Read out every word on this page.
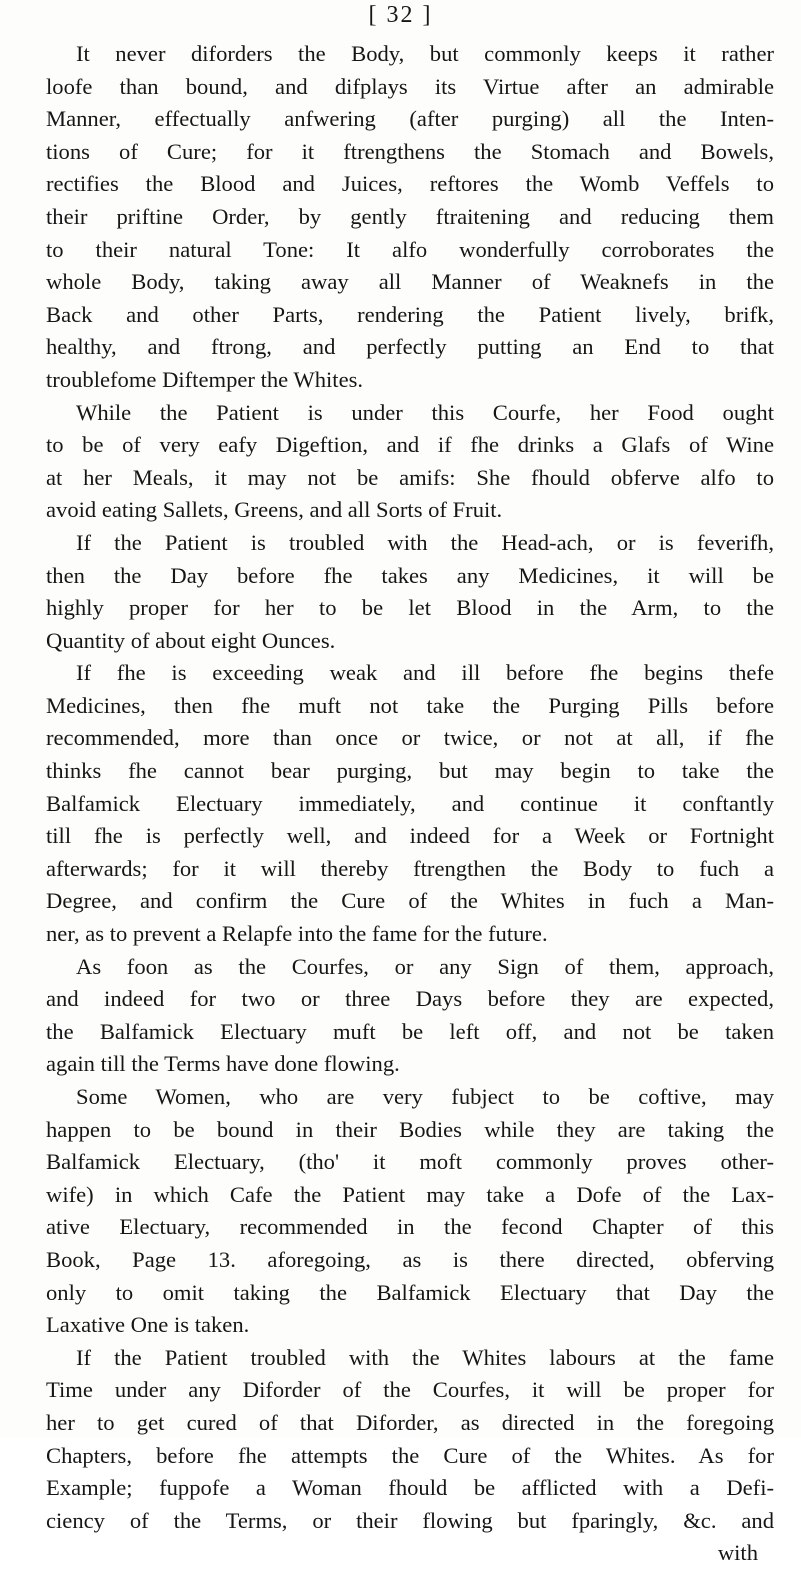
[ 32 ]
It never diforders the Body, but commonly keeps it rather
loofe than bound, and difplays its Virtue after an admirable
Manner, effectually anfwering (after purging) all the Inten-
tions of Cure; for it ftrengthens the Stomach and Bowels,
rectifies the Blood and Juices, reftores the Womb Veffels to
their priftine Order, by gently ftraitening and reducing them
to their natural Tone: It alfo wonderfully corroborates the
whole Body, taking away all Manner of Weaknefs in the
Back and other Parts, rendering the Patient lively, brifk,
healthy, and ftrong, and perfectly putting an End to that
troublefome Diftemper the Whites.
While the Patient is under this Courfe, her Food ought
to be of very eafy Digeftion, and if fhe drinks a Glafs of Wine
at her Meals, it may not be amifs: She fhould obferve alfo to
avoid eating Sallets, Greens, and all Sorts of Fruit.
If the Patient is troubled with the Head-ach, or is feverifh,
then the Day before fhe takes any Medicines, it will be
highly proper for her to be let Blood in the Arm, to the
Quantity of about eight Ounces.
If fhe is exceeding weak and ill before fhe begins thefe
Medicines, then fhe muft not take the Purging Pills before
recommended, more than once or twice, or not at all, if fhe
thinks fhe cannot bear purging, but may begin to take the
Balfamick Electuary immediately, and continue it conftantly
till fhe is perfectly well, and indeed for a Week or Fortnight
afterwards; for it will thereby ftrengthen the Body to fuch a
Degree, and confirm the Cure of the Whites in fuch a Man-
ner, as to prevent a Relapfe into the fame for the future.
As foon as the Courfes, or any Sign of them, approach,
and indeed for two or three Days before they are expected,
the Balfamick Electuary muft be left off, and not be taken
again till the Terms have done flowing.
Some Women, who are very fubject to be coftive, may
happen to be bound in their Bodies while they are taking the
Balfamick Electuary, (tho' it moft commonly proves other-
wife) in which Cafe the Patient may take a Dofe of the Lax-
ative Electuary, recommended in the fecond Chapter of this
Book, Page 13. aforegoing, as is there directed, obferving
only to omit taking the Balfamick Electuary that Day the
Laxative One is taken.
If the Patient troubled with the Whites labours at the fame
Time under any Diforder of the Courfes, it will be proper for
her to get cured of that Diforder, as directed in the foregoing
Chapters, before fhe attempts the Cure of the Whites. As for
Example; fuppofe a Woman fhould be afflicted with a Defi-
ciency of the Terms, or their flowing but fparingly, &c. and
with
